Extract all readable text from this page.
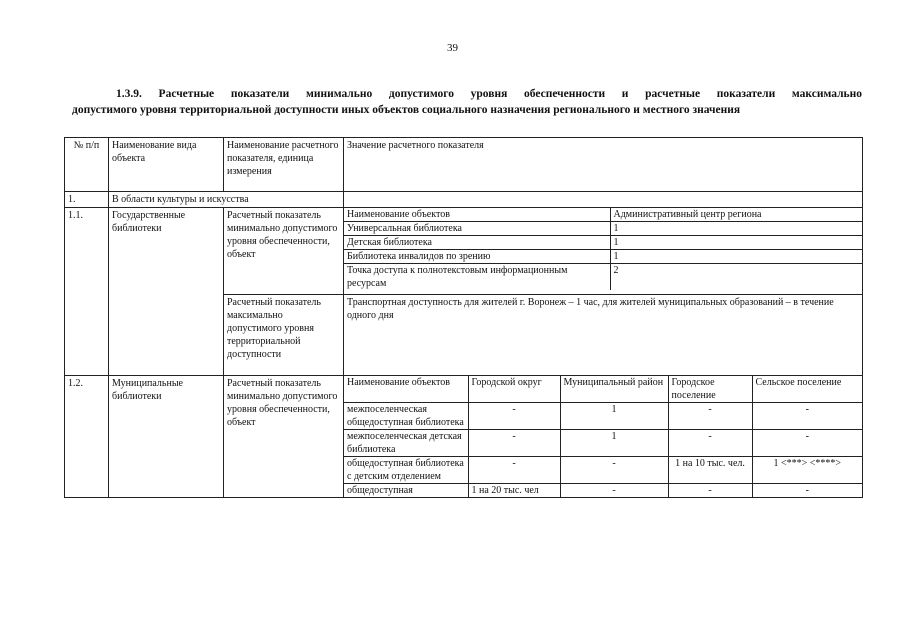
39
1.3.9. Расчетные показатели минимально допустимого уровня обеспеченности и расчетные показатели максимально
допустимого уровня территориальной доступности иных объектов социального назначения регионального и местного значения
№ п/п	Наименование вида объекта	Наименование расчетного показателя, единица измерения	Значение расчетного показателя
1.	В области культуры и искусства		
1.1.	Государственные библиотеки	Расчетный показатель минимально допустимого уровня обеспеченности, объект	
Наименование объектов	Административный центр региона
Универсальная библиотека	1
Детская библиотека	1
Библиотека инвалидов по зрению	1
Точка доступа к полнотекстовым информационным ресурсам	2

Расчетный показатель максимально допустимого уровня территориальной доступности	Транспортная доступность для жителей г. Воронеж – 1 час, для жителей муниципальных образований – в течение одного дня
1.2.	Муниципальные библиотеки	Расчетный показатель минимально допустимого уровня обеспеченности, объект	
Наименование объектов	Городской округ	Муниципальный район	Городское поселение	Сельское поселение
межпоселенческая общедоступная библиотека	-	1	-	-
межпоселенческая детская библиотека	-	1	-	-
общедоступная библиотека с детским отделением	-	-	1 на 10 тыс. чел.	1 <***> <****>
общедоступная	1 на 20 тыс. чел	-	-	-
